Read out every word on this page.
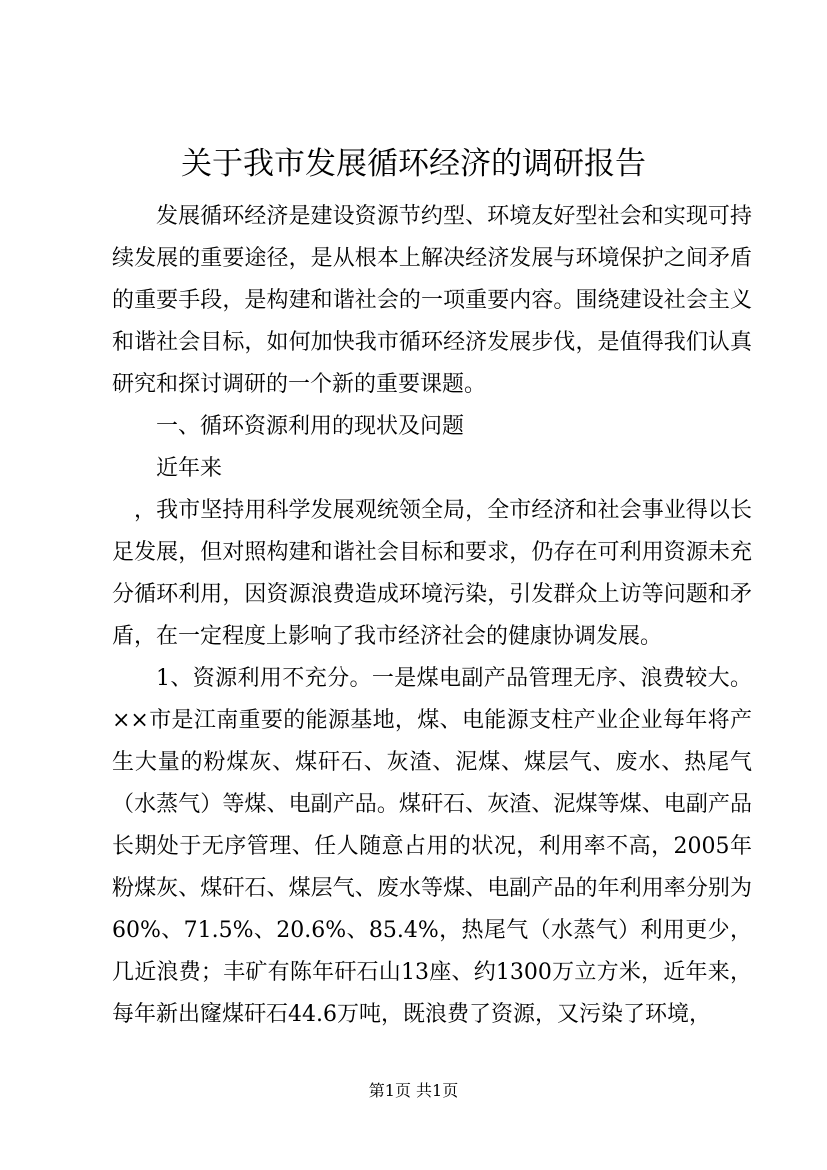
关于我市发展循环经济的调研报告

发展循环经济是建设资源节约型、环境友好型社会和实现可持续发展的重要途径，是从根本上解决经济发展与环境保护之间矛盾的重要手段，是构建和谐社会的一项重要内容。围绕建设社会主义和谐社会目标，如何加快我市循环经济发展步伐，是值得我们认真研究和探讨调研的一个新的重要课题。

一、循环资源利用的现状及问题

近年来

，我市坚持用科学发展观统领全局，全市经济和社会事业得以长足发展，但对照构建和谐社会目标和要求，仍存在可利用资源未充分循环利用，因资源浪费造成环境污染，引发群众上访等问题和矛盾，在一定程度上影响了我市经济社会的健康协调发展。

1、资源利用不充分。一是煤电副产品管理无序、浪费较大。××市是江南重要的能源基地，煤、电能源支柱产业企业每年将产生大量的粉煤灰、煤矸石、灰渣、泥煤、煤层气、废水、热尾气（水蒸气）等煤、电副产品。煤矸石、灰渣、泥煤等煤、电副产品长期处于无序管理、任人随意占用的状况，利用率不高，2005年粉煤灰、煤矸石、煤层气、废水等煤、电副产品的年利用率分别为60%、71.5%、20.6%、85.4%，热尾气（水蒸气）利用更少，几近浪费；丰矿有陈年矸石山13座、约1300万立方米，近年来，每年新出窿煤矸石44.6万吨，既浪费了资源，又污染了环境，

第1页 共1页
